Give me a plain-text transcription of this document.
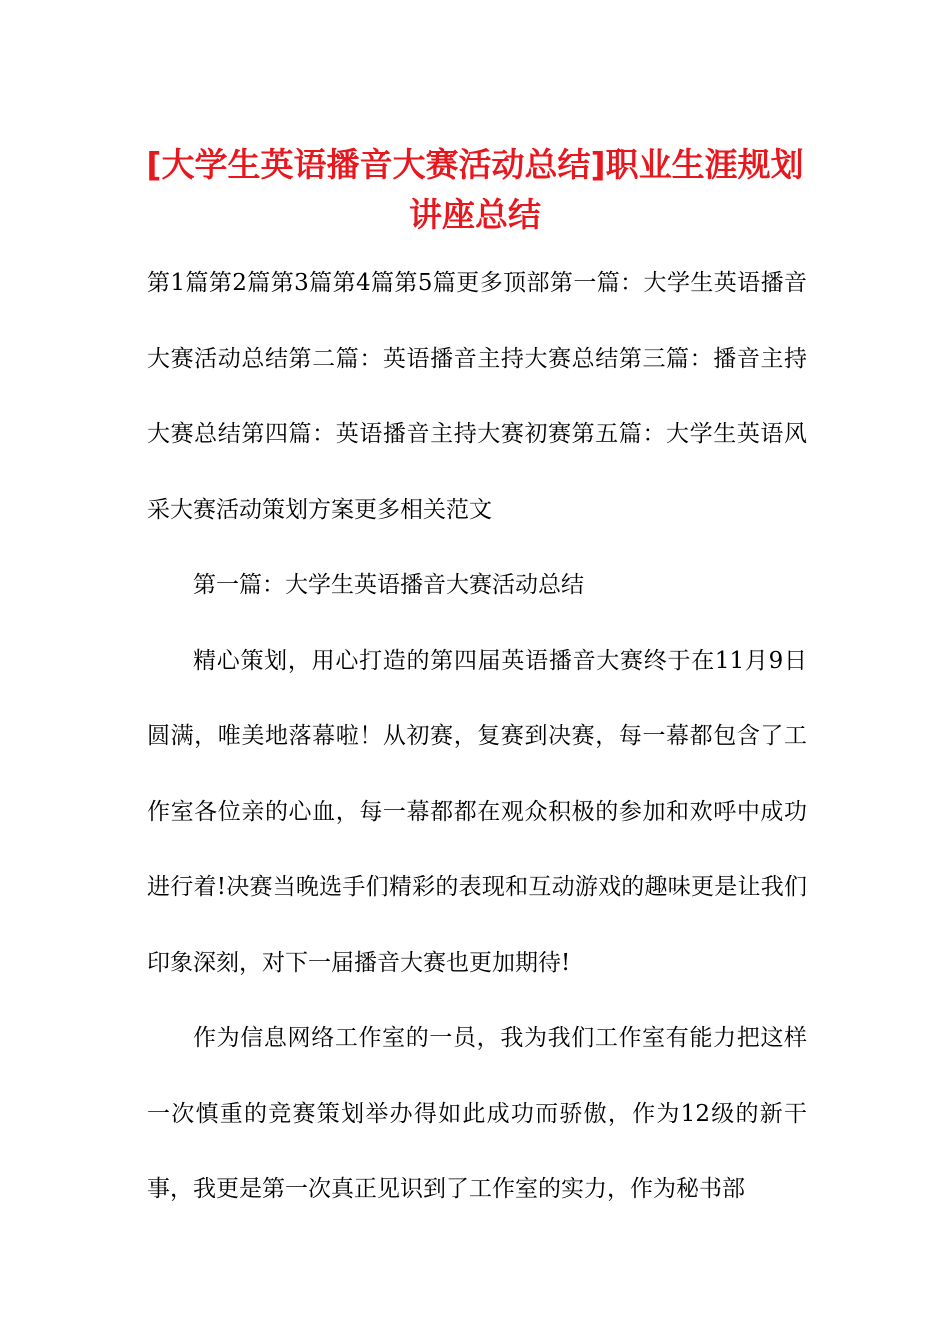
[大学生英语播音大赛活动总结]职业生涯规划讲座总结

第1篇第2篇第3篇第4篇第5篇更多顶部第一篇：大学生英语播音大赛活动总结第二篇：英语播音主持大赛总结第三篇：播音主持大赛总结第四篇：英语播音主持大赛初赛第五篇：大学生英语风采大赛活动策划方案更多相关范文

第一篇：大学生英语播音大赛活动总结

精心策划，用心打造的第四届英语播音大赛终于在11月9日圆满，唯美地落幕啦！从初赛，复赛到决赛，每一幕都包含了工作室各位亲的心血，每一幕都都在观众积极的参加和欢呼中成功进行着!决赛当晚选手们精彩的表现和互动游戏的趣味更是让我们印象深刻，对下一届播音大赛也更加期待!

作为信息网络工作室的一员，我为我们工作室有能力把这样一次慎重的竞赛策划举办得如此成功而骄傲，作为12级的新干事，我更是第一次真正见识到了工作室的实力，作为秘书部
